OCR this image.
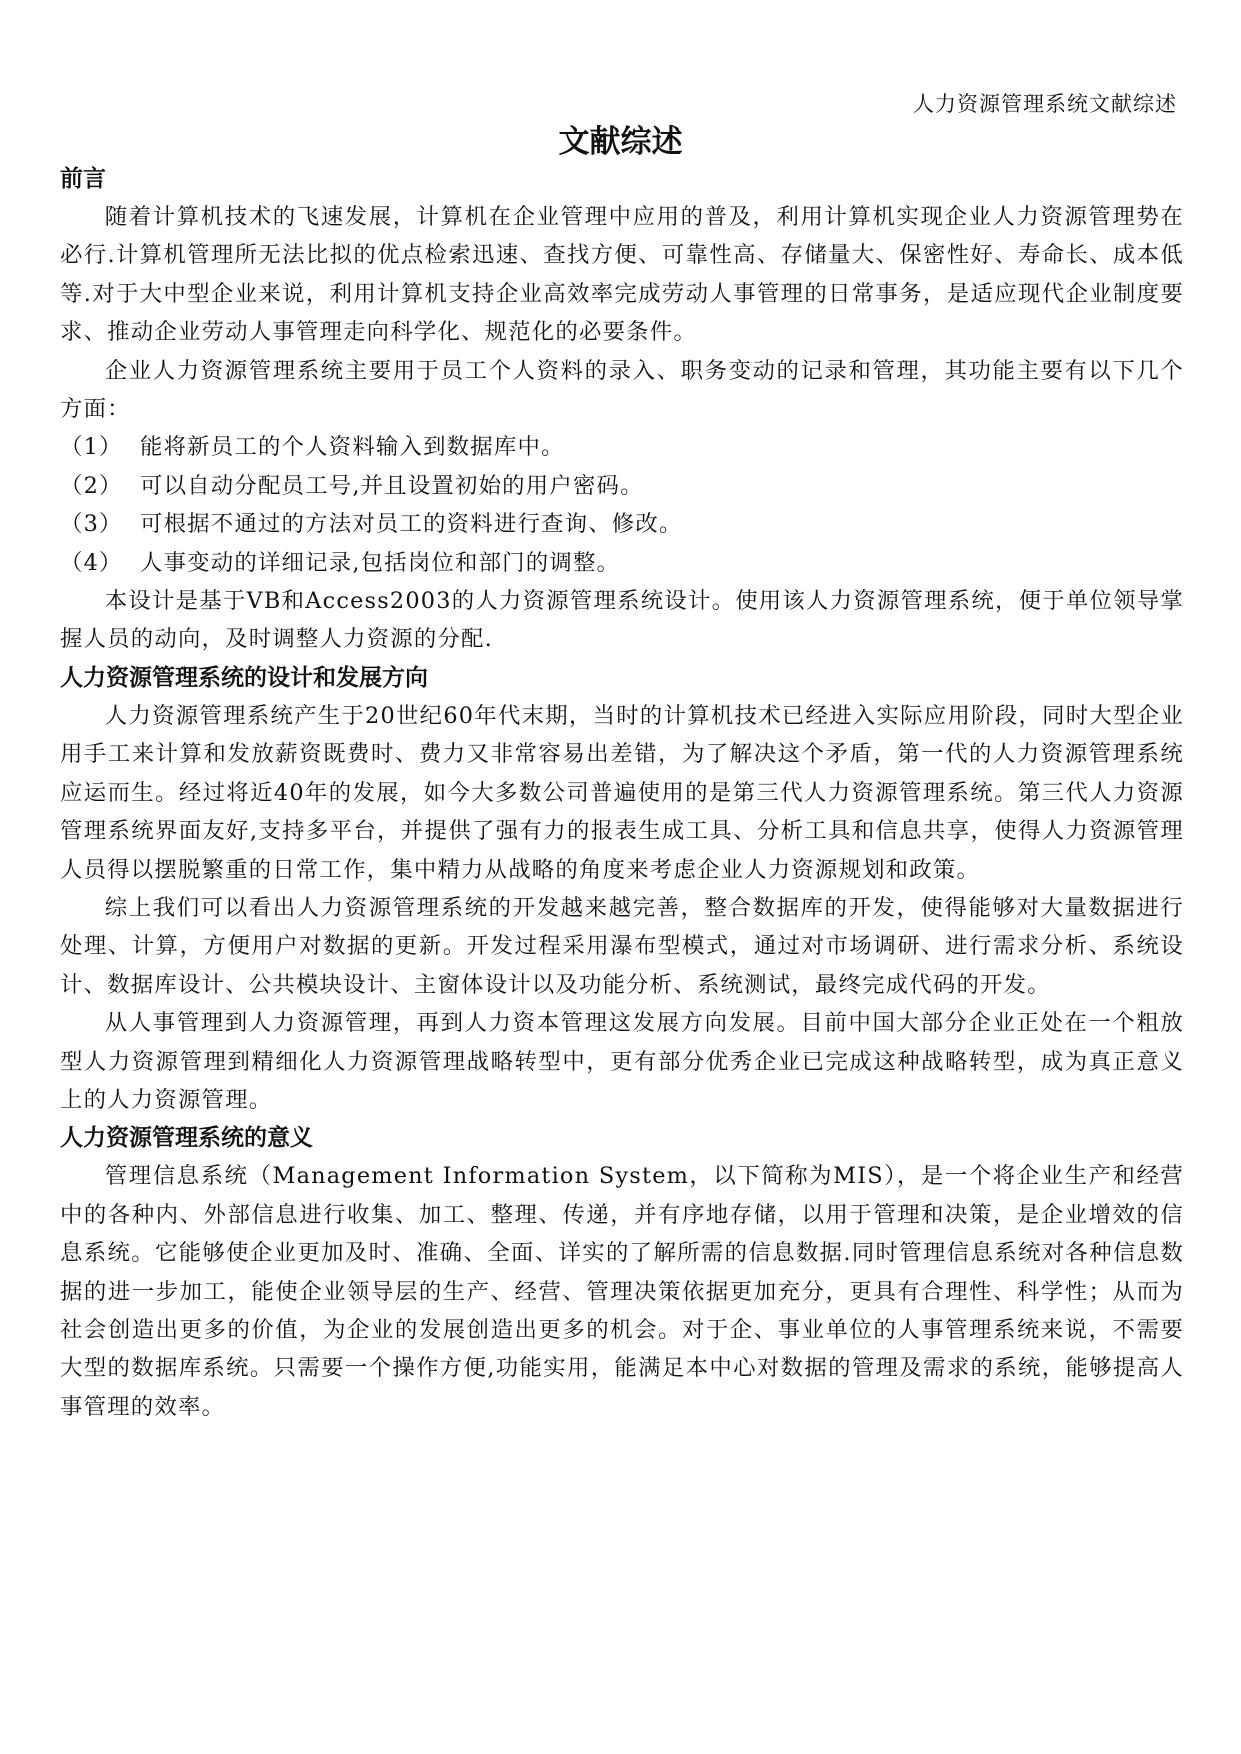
人力资源管理系统文献综述
文献综述
前言

随着计算机技术的飞速发展，计算机在企业管理中应用的普及，利用计算机实现企业人力资源管理势在必行.计算机管理所无法比拟的优点检索迅速、查找方便、可靠性高、存储量大、保密性好、寿命长、成本低等.对于大中型企业来说，利用计算机支持企业高效率完成劳动人事管理的日常事务，是适应现代企业制度要求、推动企业劳动人事管理走向科学化、规范化的必要条件。

企业人力资源管理系统主要用于员工个人资料的录入、职务变动的记录和管理，其功能主要有以下几个方面：

（1） 能将新员工的个人资料输入到数据库中。
（2） 可以自动分配员工号,并且设置初始的用户密码。
（3） 可根据不通过的方法对员工的资料进行查询、修改。
（4） 人事变动的详细记录,包括岗位和部门的调整。

本设计是基于VB和Access2003的人力资源管理系统设计。使用该人力资源管理系统，便于单位领导掌握人员的动向，及时调整人力资源的分配.

人力资源管理系统的设计和发展方向

人力资源管理系统产生于20世纪60年代末期，当时的计算机技术已经进入实际应用阶段，同时大型企业用手工来计算和发放薪资既费时、费力又非常容易出差错，为了解决这个矛盾，第一代的人力资源管理系统应运而生。经过将近40年的发展，如今大多数公司普遍使用的是第三代人力资源管理系统。第三代人力资源管理系统界面友好,支持多平台，并提供了强有力的报表生成工具、分析工具和信息共享，使得人力资源管理人员得以摆脱繁重的日常工作，集中精力从战略的角度来考虑企业人力资源规划和政策。

综上我们可以看出人力资源管理系统的开发越来越完善，整合数据库的开发，使得能够对大量数据进行处理、计算，方便用户对数据的更新。开发过程采用瀑布型模式，通过对市场调研、进行需求分析、系统设计、数据库设计、公共模块设计、主窗体设计以及功能分析、系统测试，最终完成代码的开发。

从人事管理到人力资源管理，再到人力资本管理这发展方向发展。目前中国大部分企业正处在一个粗放型人力资源管理到精细化人力资源管理战略转型中，更有部分优秀企业已完成这种战略转型，成为真正意义上的人力资源管理。

人力资源管理系统的意义

管理信息系统（Management Information System，以下简称为MIS），是一个将企业生产和经营中的各种内、外部信息进行收集、加工、整理、传递，并有序地存储，以用于管理和决策，是企业增效的信息系统。它能够使企业更加及时、准确、全面、详实的了解所需的信息数据.同时管理信息系统对各种信息数据的进一步加工，能使企业领导层的生产、经营、管理决策依据更加充分，更具有合理性、科学性；从而为社会创造出更多的价值，为企业的发展创造出更多的机会。对于企、事业单位的人事管理系统来说，不需要大型的数据库系统。只需要一个操作方便,功能实用，能满足本中心对数据的管理及需求的系统，能够提高人事管理的效率。
